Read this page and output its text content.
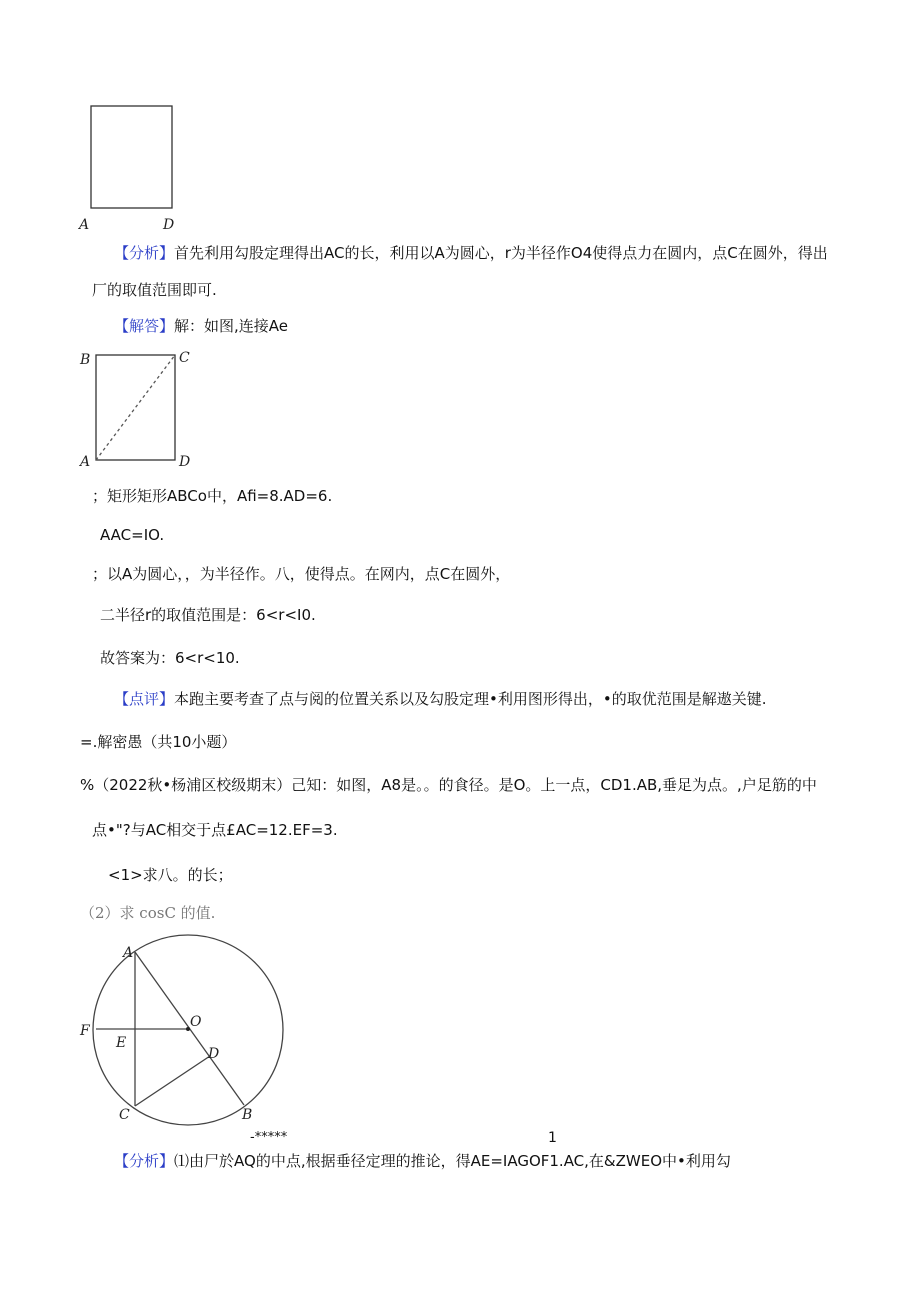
A	D
【分析】首先利用勾股定理得出AC的长，利用以A为圆心，r为半径作O4使得点力在圆内，点C在圆外，得出
厂的取值范围即可.
【解答】解：如图,连接Ae
B	C
A	D
；矩形矩形ABCo中，Afi=8.AD=6.
AAC=IO.
；以A为圆心，，为半径作。八，使得点。在网内，点C在圆外，
二半径r的取值范围是：6<r<I0.
故答案为：6<r<10.
【点评】本跑主要考查了点与阅的位置关系以及勾股定理•利用图形得出，•的取优范围是解遨关键.
=.解密愚（共10小题）
%（2022秋•杨浦区校级期末）己知：如图，A8是。。的食径。是O。上一点，CD1.AB,垂足为点。,户足筋的中
点•"?与AC相交于点£AC=12.EF=3.
<1>求八。的长；
（2）求 cosC 的值.
A
F
O
E
D
C	B
-*****	1
【分析】⑴由尸於AQ的中点,根据垂径定理的推论，得AE=IAGOF1.AC,在&ZWEO中•利用勾
